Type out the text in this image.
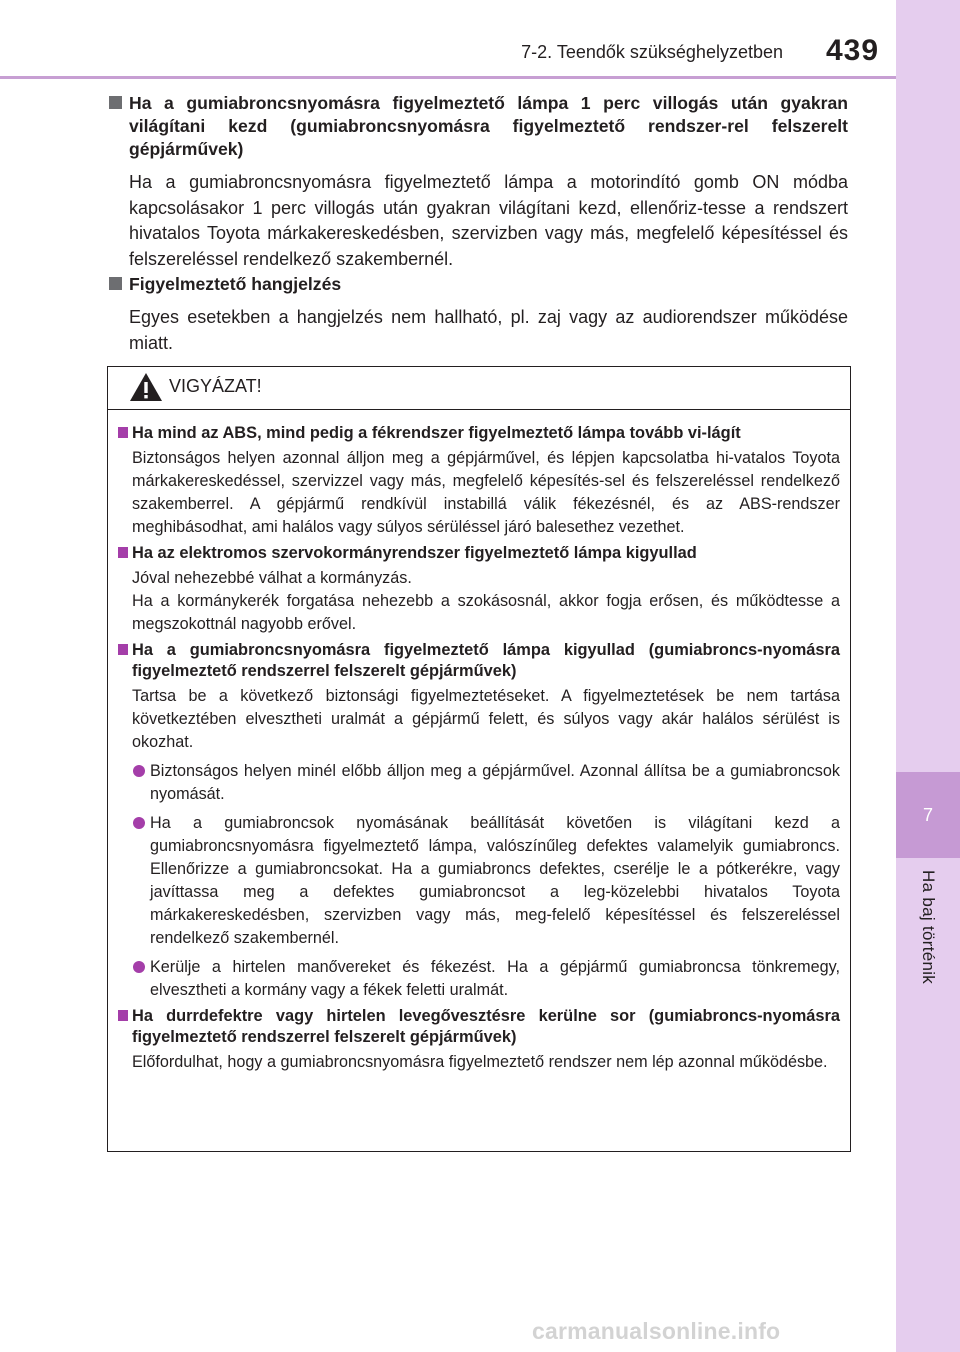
7-2. Teendők szükséghelyzetben 439
7
Ha baj történik
Ha a gumiabroncsnyomásra figyelmeztető lámpa 1 perc villogás után gyakran világítani kezd (gumiabroncsnyomásra figyelmeztető rendszer-rel felszerelt gépjárművek)
Ha a gumiabroncsnyomásra figyelmeztető lámpa a motorindító gomb ON módba kapcsolásakor 1 perc villogás után gyakran világítani kezd, ellenőriz-tesse a rendszert hivatalos Toyota márkakereskedésben, szervizben vagy más, megfelelő képesítéssel és felszereléssel rendelkező szakembernél.
Figyelmeztető hangjelzés
Egyes esetekben a hangjelzés nem hallható, pl. zaj vagy az audiorendszer működése miatt.
VIGYÁZAT!
Ha mind az ABS, mind pedig a fékrendszer figyelmeztető lámpa tovább vi-lágít
Biztonságos helyen azonnal álljon meg a gépjárművel, és lépjen kapcsolatba hi-vatalos Toyota márkakereskedéssel, szervizzel vagy más, megfelelő képesítés-sel és felszereléssel rendelkező szakemberrel. A gépjármű rendkívül instabillá válik fékezésnél, és az ABS-rendszer meghibásodhat, ami halálos vagy súlyos sérüléssel járó balesethez vezethet.
Ha az elektromos szervokormányrendszer figyelmeztető lámpa kigyullad
Jóval nehezebbé válhat a kormányzás.
Ha a kormánykerék forgatása nehezebb a szokásosnál, akkor fogja erősen, és működtesse a megszokottnál nagyobb erővel.
Ha a gumiabroncsnyomásra figyelmeztető lámpa kigyullad (gumiabroncs-nyomásra figyelmeztető rendszerrel felszerelt gépjárművek)
Tartsa be a következő biztonsági figyelmeztetéseket. A figyelmeztetések be nem tartása következtében elvesztheti uralmát a gépjármű felett, és súlyos vagy akár halálos sérülést is okozhat.
Biztonságos helyen minél előbb álljon meg a gépjárművel. Azonnal állítsa be a gumiabroncsok nyomását.
Ha a gumiabroncsok nyomásának beállítását követően is világítani kezd a gumiabroncsnyomásra figyelmeztető lámpa, valószínűleg defektes valamelyik gumiabroncs. Ellenőrizze a gumiabroncsokat. Ha a gumiabroncs defektes, cserélje le a pótkerékre, vagy javíttassa meg a defektes gumiabroncsot a leg-közelebbi hivatalos Toyota márkakereskedésben, szervizben vagy más, meg-felelő képesítéssel és felszereléssel rendelkező szakembernél.
Kerülje a hirtelen manővereket és fékezést. Ha a gépjármű gumiabroncsa tönkremegy, elvesztheti a kormány vagy a fékek feletti uralmát.
Ha durrdefektre vagy hirtelen levegővesztésre kerülne sor (gumiabroncs-nyomásra figyelmeztető rendszerrel felszerelt gépjárművek)
Előfordulhat, hogy a gumiabroncsnyomásra figyelmeztető rendszer nem lép azonnal működésbe.
carmanualsonline.info
